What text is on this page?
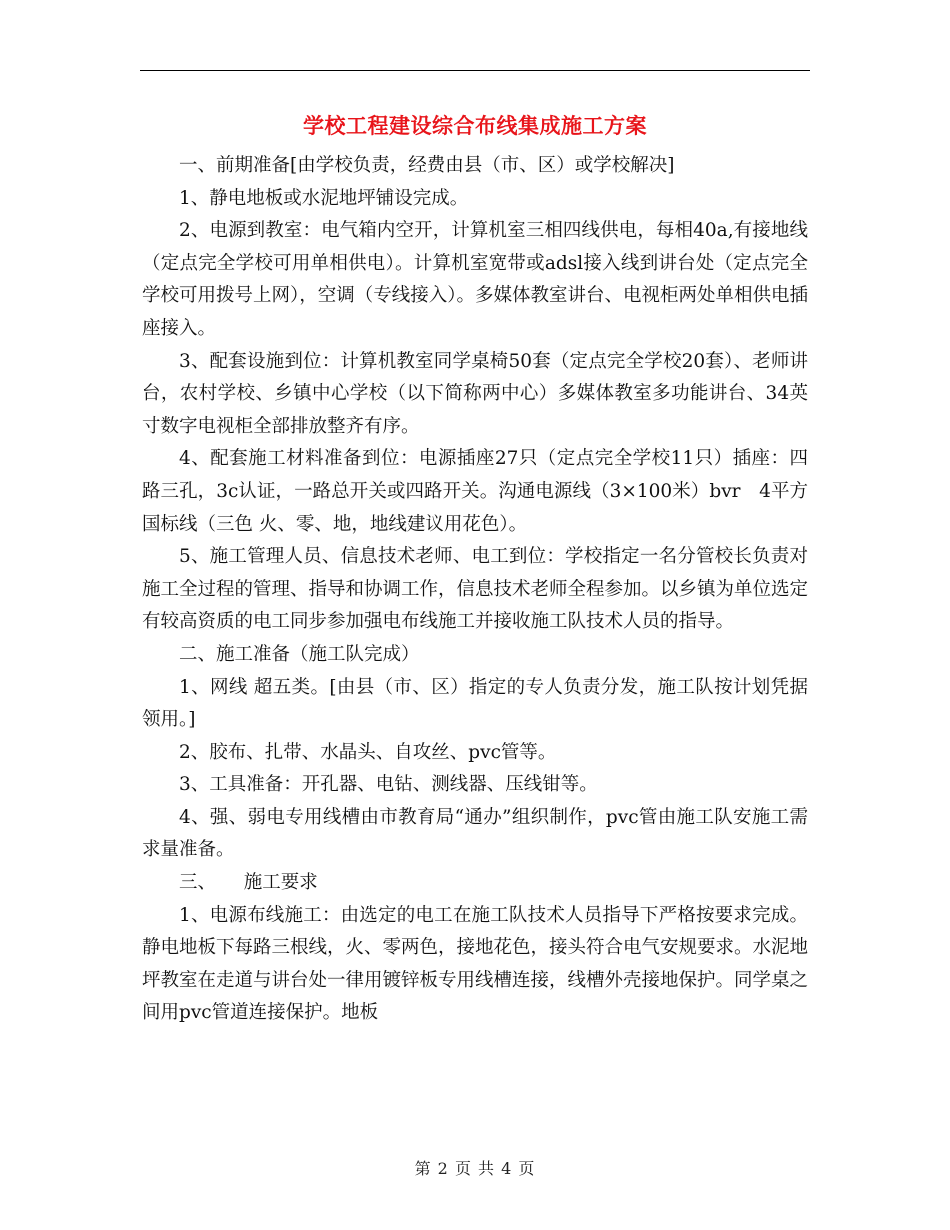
学校工程建设综合布线集成施工方案

一、前期准备[由学校负责，经费由县（市、区）或学校解决]

1、静电地板或水泥地坪铺设完成。

2、电源到教室：电气箱内空开，计算机室三相四线供电，每相40a,有接地线（定点完全学校可用单相供电）。计算机室宽带或adsl接入线到讲台处（定点完全学校可用拨号上网），空调（专线接入）。多媒体教室讲台、电视柜两处单相供电插座接入。

3、配套设施到位：计算机教室同学桌椅50套（定点完全学校20套）、老师讲台，农村学校、乡镇中心学校（以下简称两中心）多媒体教室多功能讲台、34英寸数字电视柜全部排放整齐有序。

4、配套施工材料准备到位：电源插座27只（定点完全学校11只）插座：四路三孔，3c认证，一路总开关或四路开关。沟通电源线（3×100米）bvr　4平方国标线（三色 火、零、地，地线建议用花色）。

5、施工管理人员、信息技术老师、电工到位：学校指定一名分管校长负责对施工全过程的管理、指导和协调工作，信息技术老师全程参加。以乡镇为单位选定有较高资质的电工同步参加强电布线施工并接收施工队技术人员的指导。

二、施工准备（施工队完成）

1、网线 超五类。[由县（市、区）指定的专人负责分发，施工队按计划凭据领用。]

2、胶布、扎带、水晶头、自攻丝、pvc管等。

3、工具准备：开孔器、电钻、测线器、压线钳等。

4、强、弱电专用线槽由市教育局“通办”组织制作，pvc管由施工队安施工需求量准备。

三、　　施工要求

1、电源布线施工：由选定的电工在施工队技术人员指导下严格按要求完成。静电地板下每路三根线，火、零两色，接地花色，接头符合电气安规要求。水泥地坪教室在走道与讲台处一律用镀锌板专用线槽连接，线槽外壳接地保护。同学桌之间用pvc管道连接保护。地板

第 2 页 共 4 页
